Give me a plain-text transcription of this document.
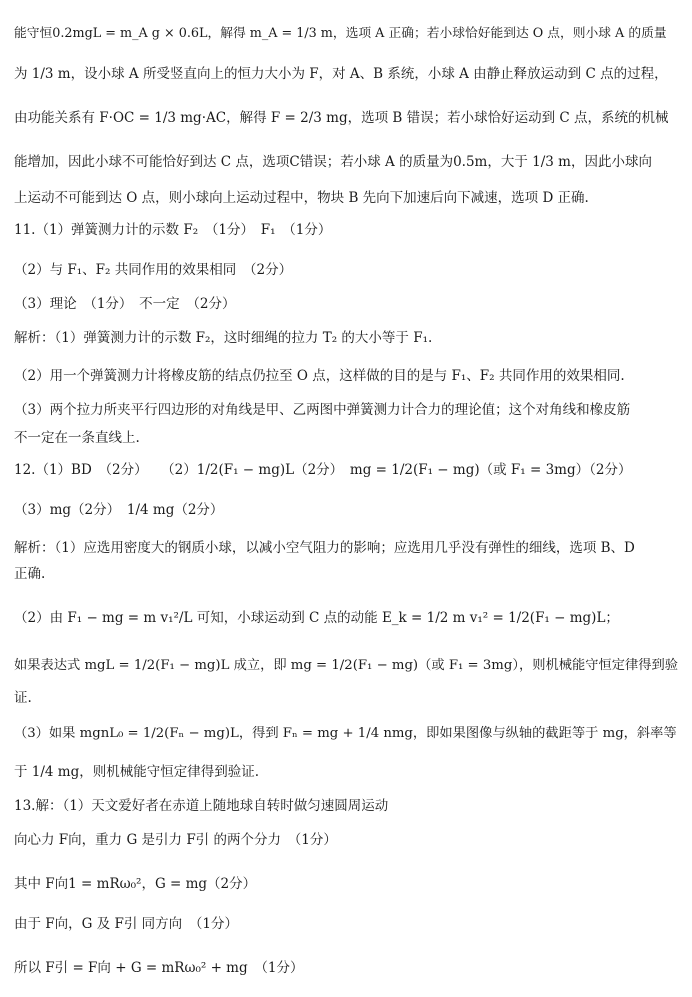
能守恒0.2mgL = m_A g × 0.6L，解得 m_A = 1/3 m，选项 A 正确；若小球恰好能到达 O 点，则小球 A 的质量
为 1/3 m，设小球 A 所受竖直向上的恒力大小为 F，对 A、B 系统，小球 A 由静止释放运动到 C 点的过程，
由功能关系有 F·OC = 1/3 mg·AC，解得 F = 2/3 mg，选项 B 错误；若小球恰好运动到 C 点，系统的机械
能增加，因此小球不可能恰好到达 C 点，选项C错误；若小球 A 的质量为0.5m，大于 1/3 m，因此小球向
上运动不可能到达 O 点，则小球向上运动过程中，物块 B 先向下加速后向下减速，选项 D 正确.
11.（1）弹簧测力计的示数 F₂　（1分）　F₁　（1分）
（2）与 F₁、F₂ 共同作用的效果相同　（2分）
（3）理论　（1分）　不一定　（2分）
解析：（1）弹簧测力计的示数 F₂，这时细绳的拉力 T₂ 的大小等于 F₁.
（2）用一个弹簧测力计将橡皮筋的结点仍拉至 O 点，这样做的目的是与 F₁、F₂ 共同作用的效果相同.
（3）两个拉力所夹平行四边形的对角线是甲、乙两图中弹簧测力计合力的理论值；这个对角线和橡皮筋
不一定在一条直线上.
12.（1）BD　（2分）　　（2）1/2(F₁ − mg)L（2分）　mg = 1/2(F₁ − mg)（或 F₁ = 3mg）（2分）
（3）mg（2分）　1/4 mg（2分）
解析：（1）应选用密度大的钢质小球，以减小空气阻力的影响；应选用几乎没有弹性的细线，选项 B、D
正确.
（2）由 F₁ − mg = m v₁²/L 可知，小球运动到 C 点的动能 E_k = 1/2 m v₁² = 1/2(F₁ − mg)L；
如果表达式 mgL = 1/2(F₁ − mg)L 成立，即 mg = 1/2(F₁ − mg)（或 F₁ = 3mg），则机械能守恒定律得到验
证.
（3）如果 mgnL₀ = 1/2(Fₙ − mg)L，得到 Fₙ = mg + 1/4 nmg，即如果图像与纵轴的截距等于 mg，斜率等
于 1/4 mg，则机械能守恒定律得到验证.
13.解：（1）天文爱好者在赤道上随地球自转时做匀速圆周运动
向心力 F向，重力 G 是引力 F引 的两个分力　（1分）
其中 F向1 = mRω₀²，G = mg（2分）
由于 F向，G 及 F引 同方向　（1分）
所以 F引 = F向 + G = mRω₀² + mg　（1分）
